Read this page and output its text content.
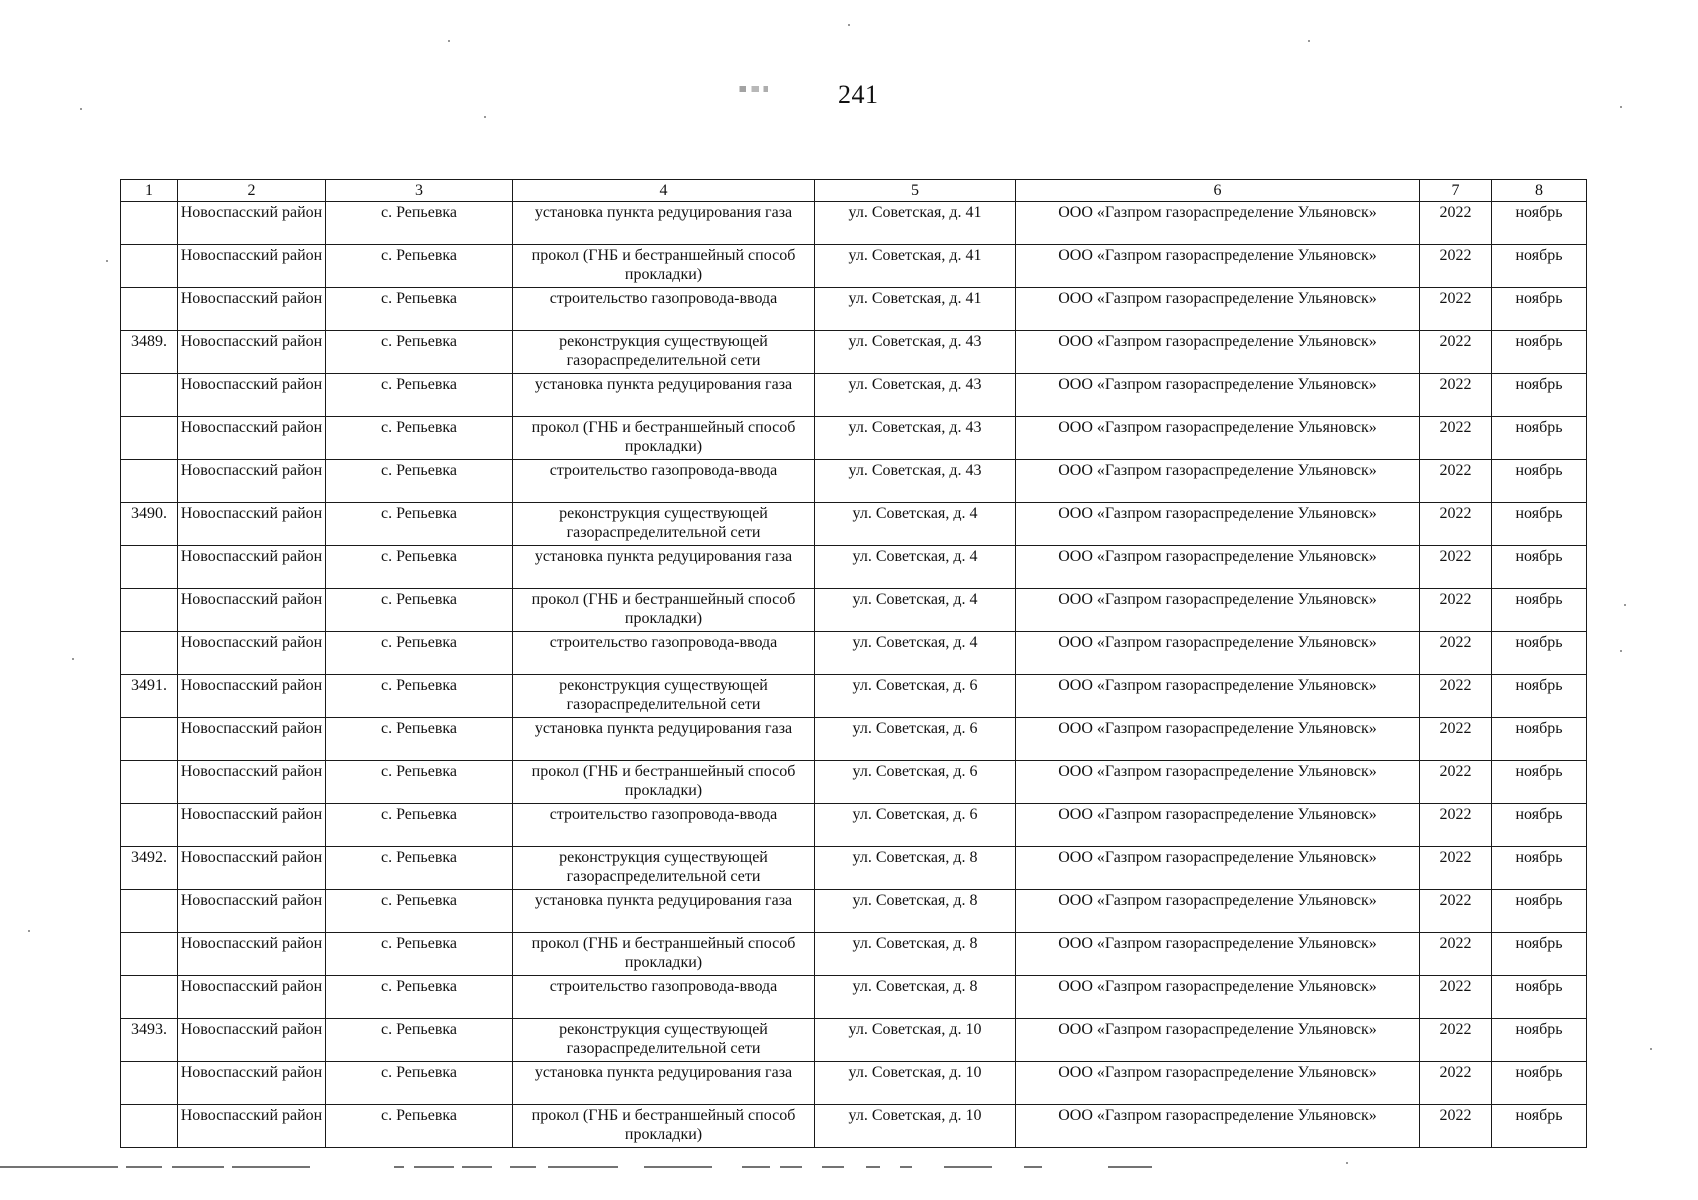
241
1	2	3	4	5	6	7	8
	Новоспасский район	с. Репьевка	установка пункта редуцирования газа	ул. Советская, д. 41	ООО «Газпром газораспределение Ульяновск»	2022	ноябрь
	Новоспасский район	с. Репьевка	прокол (ГНБ и бестраншейный способ прокладки)	ул. Советская, д. 41	ООО «Газпром газораспределение Ульяновск»	2022	ноябрь
	Новоспасский район	с. Репьевка	строительство газопровода-ввода	ул. Советская, д. 41	ООО «Газпром газораспределение Ульяновск»	2022	ноябрь
3489.	Новоспасский район	с. Репьевка	реконструкция существующей газораспределительной сети	ул. Советская, д. 43	ООО «Газпром газораспределение Ульяновск»	2022	ноябрь
	Новоспасский район	с. Репьевка	установка пункта редуцирования газа	ул. Советская, д. 43	ООО «Газпром газораспределение Ульяновск»	2022	ноябрь
	Новоспасский район	с. Репьевка	прокол (ГНБ и бестраншейный способ прокладки)	ул. Советская, д. 43	ООО «Газпром газораспределение Ульяновск»	2022	ноябрь
	Новоспасский район	с. Репьевка	строительство газопровода-ввода	ул. Советская, д. 43	ООО «Газпром газораспределение Ульяновск»	2022	ноябрь
3490.	Новоспасский район	с. Репьевка	реконструкция существующей газораспределительной сети	ул. Советская, д. 4	ООО «Газпром газораспределение Ульяновск»	2022	ноябрь
	Новоспасский район	с. Репьевка	установка пункта редуцирования газа	ул. Советская, д. 4	ООО «Газпром газораспределение Ульяновск»	2022	ноябрь
	Новоспасский район	с. Репьевка	прокол (ГНБ и бестраншейный способ прокладки)	ул. Советская, д. 4	ООО «Газпром газораспределение Ульяновск»	2022	ноябрь
	Новоспасский район	с. Репьевка	строительство газопровода-ввода	ул. Советская, д. 4	ООО «Газпром газораспределение Ульяновск»	2022	ноябрь
3491.	Новоспасский район	с. Репьевка	реконструкция существующей газораспределительной сети	ул. Советская, д. 6	ООО «Газпром газораспределение Ульяновск»	2022	ноябрь
	Новоспасский район	с. Репьевка	установка пункта редуцирования газа	ул. Советская, д. 6	ООО «Газпром газораспределение Ульяновск»	2022	ноябрь
	Новоспасский район	с. Репьевка	прокол (ГНБ и бестраншейный способ прокладки)	ул. Советская, д. 6	ООО «Газпром газораспределение Ульяновск»	2022	ноябрь
	Новоспасский район	с. Репьевка	строительство газопровода-ввода	ул. Советская, д. 6	ООО «Газпром газораспределение Ульяновск»	2022	ноябрь
3492.	Новоспасский район	с. Репьевка	реконструкция существующей газораспределительной сети	ул. Советская, д. 8	ООО «Газпром газораспределение Ульяновск»	2022	ноябрь
	Новоспасский район	с. Репьевка	установка пункта редуцирования газа	ул. Советская, д. 8	ООО «Газпром газораспределение Ульяновск»	2022	ноябрь
	Новоспасский район	с. Репьевка	прокол (ГНБ и бестраншейный способ прокладки)	ул. Советская, д. 8	ООО «Газпром газораспределение Ульяновск»	2022	ноябрь
	Новоспасский район	с. Репьевка	строительство газопровода-ввода	ул. Советская, д. 8	ООО «Газпром газораспределение Ульяновск»	2022	ноябрь
3493.	Новоспасский район	с. Репьевка	реконструкция существующей газораспределительной сети	ул. Советская, д. 10	ООО «Газпром газораспределение Ульяновск»	2022	ноябрь
	Новоспасский район	с. Репьевка	установка пункта редуцирования газа	ул. Советская, д. 10	ООО «Газпром газораспределение Ульяновск»	2022	ноябрь
	Новоспасский район	с. Репьевка	прокол (ГНБ и бестраншейный способ прокладки)	ул. Советская, д. 10	ООО «Газпром газораспределение Ульяновск»	2022	ноябрь
